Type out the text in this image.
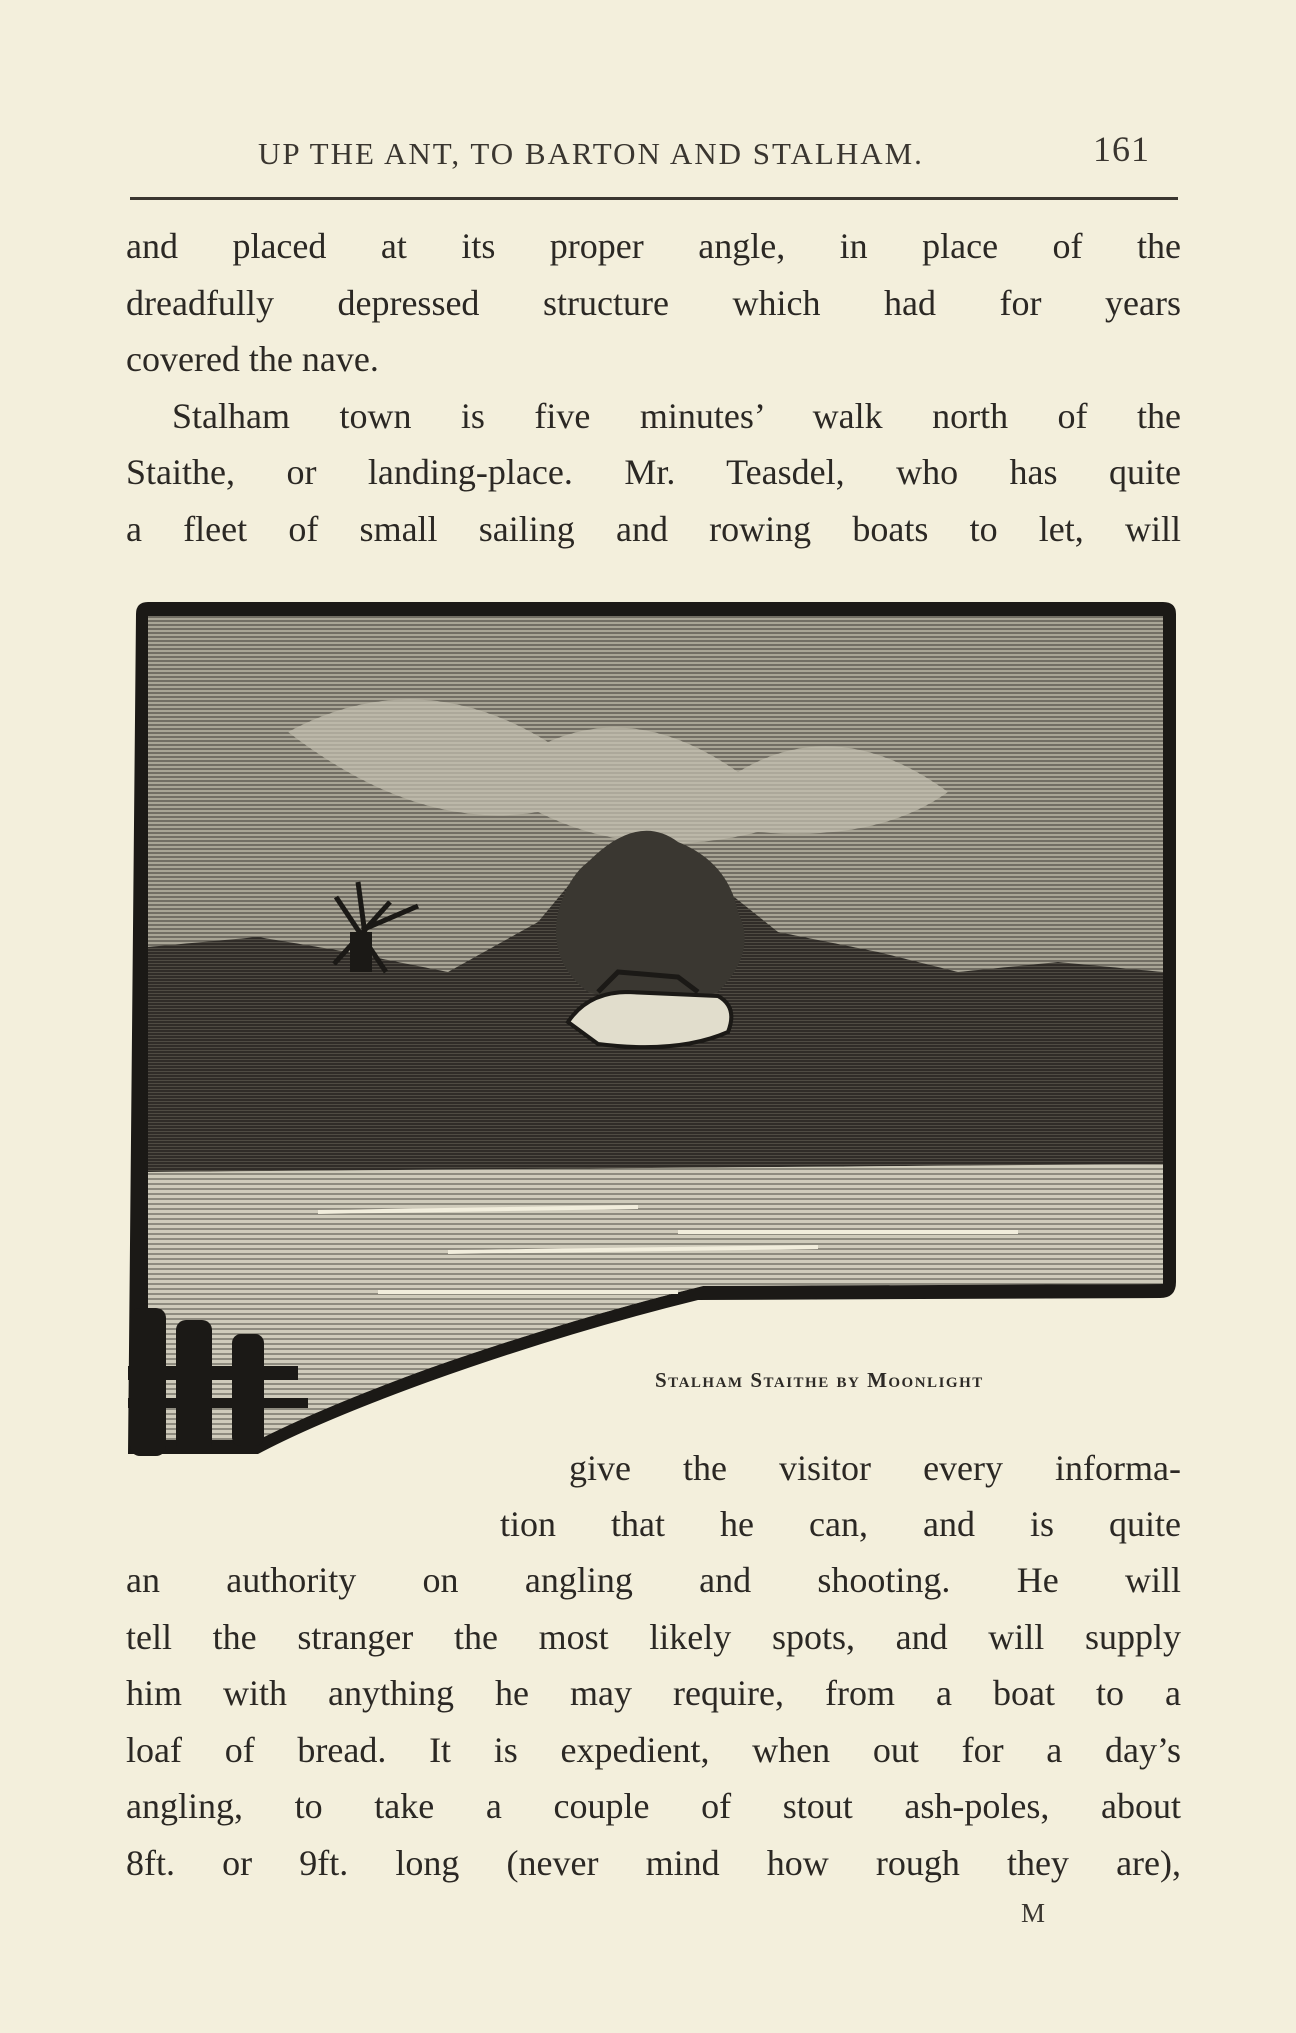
UP THE ANT, TO BARTON AND STALHAM.	161
and placed at its proper angle, in place of the
dreadfully depressed structure which had for years
covered the nave.
Stalham town is five minutes’ walk north of the
Staithe, or landing-place. Mr. Teasdel, who has quite
a fleet of small sailing and rowing boats to let, will
Stalham Staithe by Moonlight
give the visitor every informa-
tion that he can, and is quite
an authority on angling and shooting. He will
tell the stranger the most likely spots, and will supply
him with anything he may require, from a boat to a
loaf of bread. It is expedient, when out for a day’s
angling, to take a couple of stout ash-poles, about
8ft. or 9ft. long (never mind how rough they are),
M
